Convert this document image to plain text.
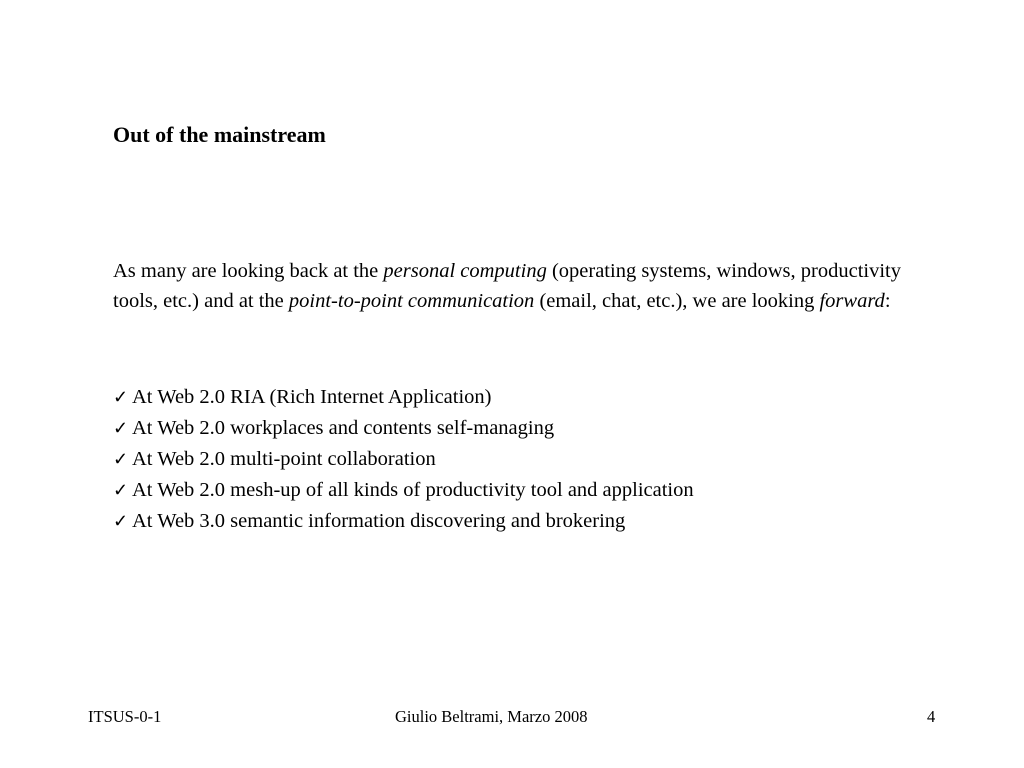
Out of the mainstream

As many are looking back at the personal computing (operating systems, windows, productivity tools, etc.) and at the point-to-point communication (email, chat, etc.), we are looking forward:

✓ At Web 2.0 RIA (Rich Internet Application)
✓ At Web 2.0 workplaces and contents self-managing
✓ At Web 2.0 multi-point collaboration
✓ At Web 2.0 mesh-up of all kinds of productivity tool and application
✓ At Web 3.0 semantic information discovering and brokering
ITSUS-0-1	Giulio Beltrami, Marzo 2008	4
